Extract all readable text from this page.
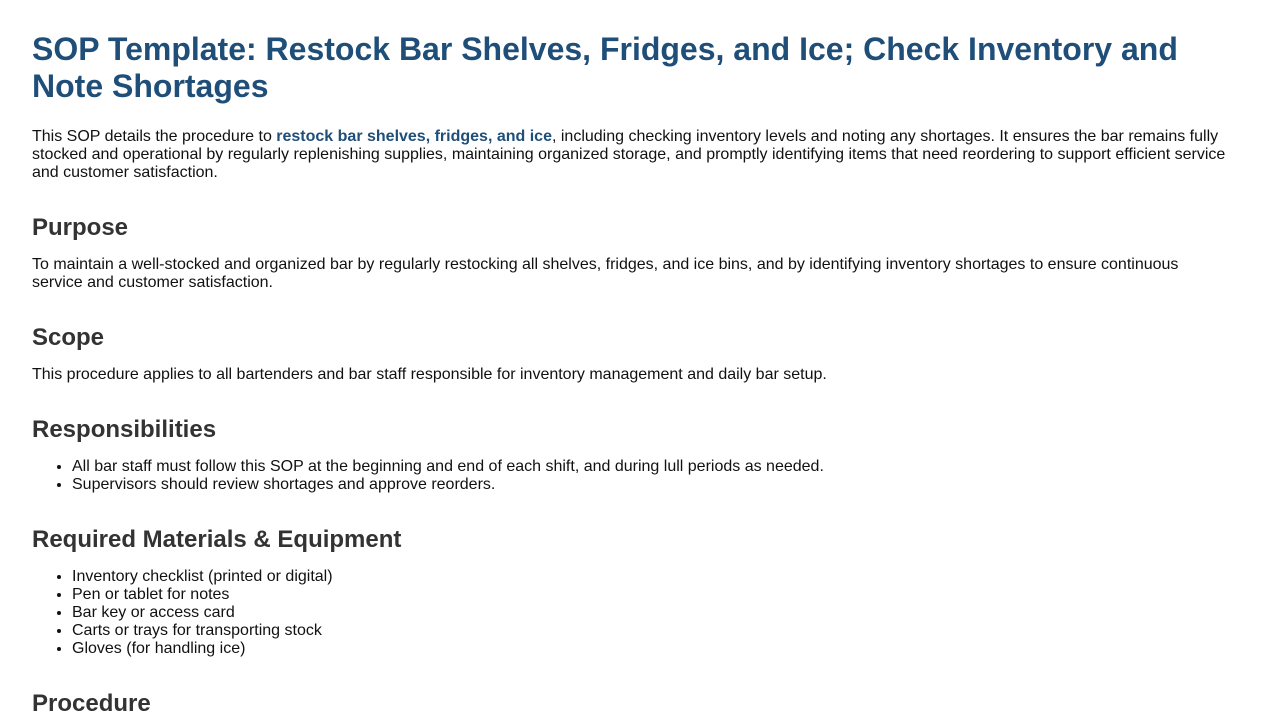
SOP Template: Restock Bar Shelves, Fridges, and Ice; Check Inventory and Note Shortages

This SOP details the procedure to restock bar shelves, fridges, and ice, including checking inventory levels and noting any shortages. It ensures the bar remains fully stocked and operational by regularly replenishing supplies, maintaining organized storage, and promptly identifying items that need reordering to support efficient service and customer satisfaction.

Purpose

To maintain a well-stocked and organized bar by regularly restocking all shelves, fridges, and ice bins, and by identifying inventory shortages to ensure continuous service and customer satisfaction.

Scope

This procedure applies to all bartenders and bar staff responsible for inventory management and daily bar setup.

Responsibilities
• All bar staff must follow this SOP at the beginning and end of each shift, and during lull periods as needed.
• Supervisors should review shortages and approve reorders.
Required Materials & Equipment
• Inventory checklist (printed or digital)
• Pen or tablet for notes
• Bar key or access card
• Carts or trays for transporting stock
• Gloves (for handling ice)
Procedure
